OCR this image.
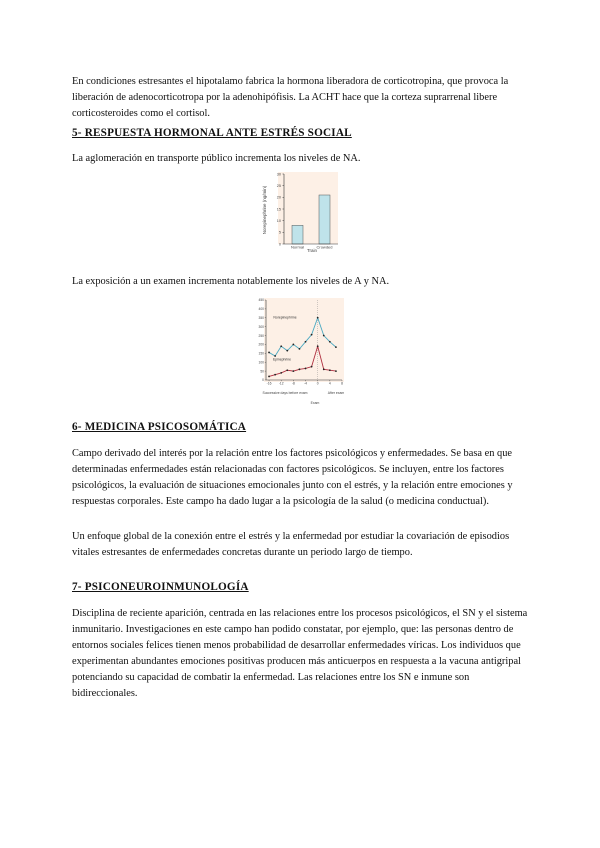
En condiciones estresantes el hipotalamo fabrica la hormona liberadora de corticotropina, que provoca la liberación de adenocorticotropa por la adenohipófisis. La ACHT hace que la corteza suprarrenal libere corticosteroides como el cortisol.

5- RESPUESTA HORMONAL ANTE ESTRÉS SOCIAL

La aglomeración en transporte público incrementa los niveles de NA.

0
5
10
15
20
25
30
Normal	Crowded
Norepinephrine (ng/min)
Train

La exposición a un examen incrementa notablemente los niveles de A y NA.

0
50
100
150
200
250
300
350
400
450
-16 -12	-8	-4	0	4	8
Norepinephrine
Epinephrine
Successive days before exam
Exam
After exam
6- MEDICINA PSICOSOMÁTICA

Campo derivado del interés por la relación entre los factores psicológicos y enfermedades. Se basa en que determinadas enfermedades están relacionadas con factores psicológicos. Se incluyen, entre los factores psicológicos, la evaluación de situaciones emocionales junto con el estrés, y la relación entre emociones y respuestas corporales. Este campo ha dado lugar a la psicología de la salud (o medicina conductual).

Un enfoque global de la conexión entre el estrés y la enfermedad por estudiar la covariación de episodios vitales estresantes de enfermedades concretas durante un periodo largo de tiempo.

7- PSICONEUROINMUNOLOGÍA

Disciplina de reciente aparición, centrada en las relaciones entre los procesos psicológicos, el SN y el sistema inmunitario. Investigaciones en este campo han podido constatar, por ejemplo, que: las personas dentro de entornos sociales felices tienen menos probabilidad de desarrollar enfermedades víricas. Los individuos que experimentan abundantes emociones positivas producen más anticuerpos en respuesta a la vacuna antigripal potenciando su capacidad de combatir la enfermedad. Las relaciones entre los SN e inmune son bidireccionales.
